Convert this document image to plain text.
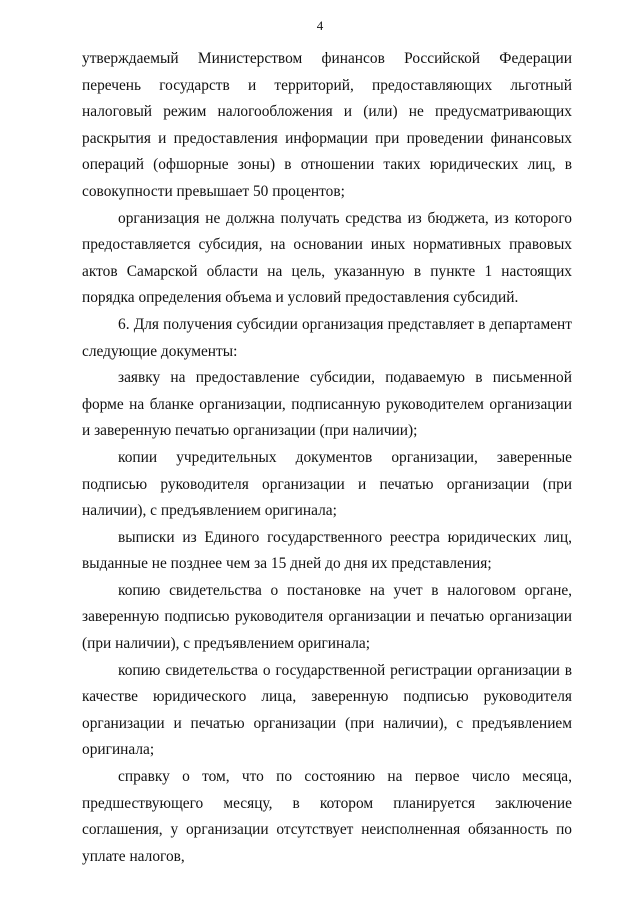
4

утверждаемый Министерством финансов Российской Федерации перечень государств и территорий, предоставляющих льготный налоговый режим налогообложения и (или) не предусматривающих раскрытия и предоставления информации при проведении финансовых операций (офшорные зоны) в отношении таких юридических лиц, в совокупности превышает 50 процентов;

организация не должна получать средства из бюджета, из которого предоставляется субсидия, на основании иных нормативных правовых актов Самарской области на цель, указанную в пункте 1 настоящих порядка определения объема и условий предоставления субсидий.

6. Для получения субсидии организация представляет в департамент следующие документы:

заявку на предоставление субсидии, подаваемую в письменной форме на бланке организации, подписанную руководителем организации и заверенную печатью организации (при наличии);

копии учредительных документов организации, заверенные подписью руководителя организации и печатью организации (при наличии), с предъявлением оригинала;

выписки из Единого государственного реестра юридических лиц, выданные не позднее чем за 15 дней до дня их представления;

копию свидетельства о постановке на учет в налоговом органе, заверенную подписью руководителя организации и печатью организации (при наличии), с предъявлением оригинала;

копию свидетельства о государственной регистрации организации в качестве юридического лица, заверенную подписью руководителя организации и печатью организации (при наличии), с предъявлением оригинала;

справку о том, что по состоянию на первое число месяца, предшествующего месяцу, в котором планируется заключение соглашения, у организации отсутствует неисполненная обязанность по уплате налогов,
